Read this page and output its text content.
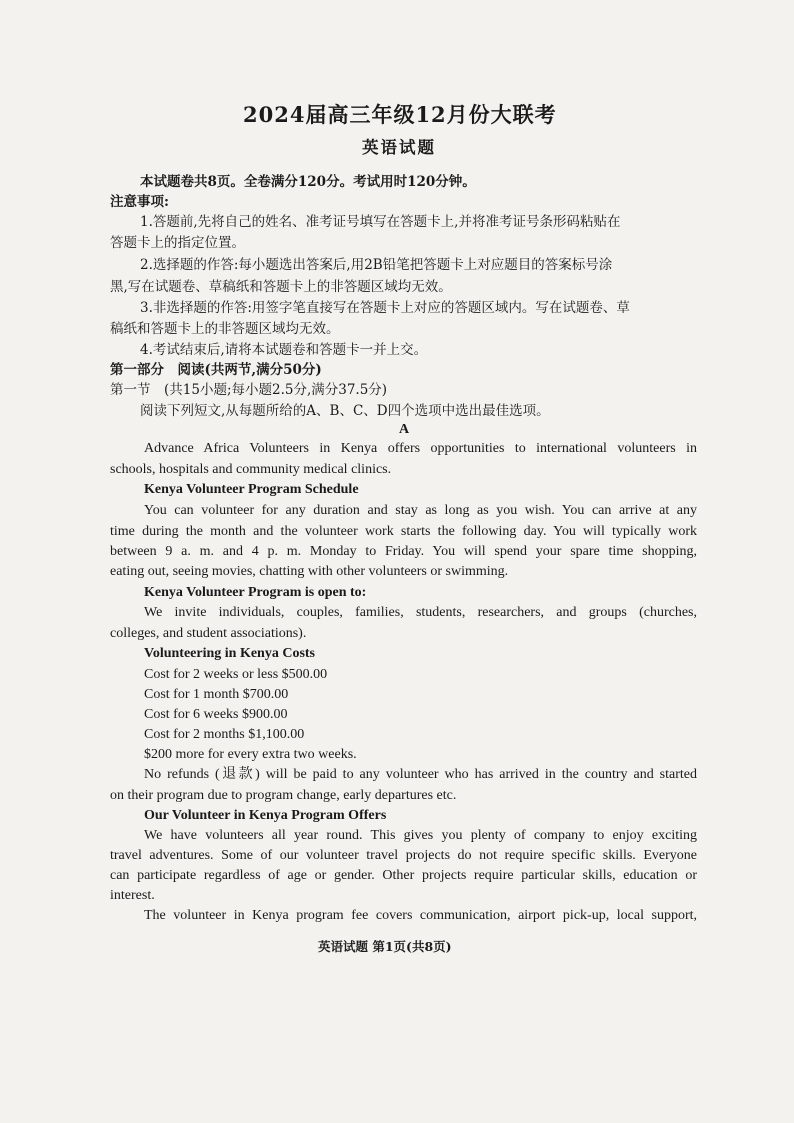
2024届高三年级12月份大联考
英语试题
本试题卷共8页。全卷满分120分。考试用时120分钟。
注意事项:
1.答题前,先将自己的姓名、准考证号填写在答题卡上,并将准考证号条形码粘贴在
答题卡上的指定位置。
2.选择题的作答:每小题选出答案后,用2B铅笔把答题卡上对应题目的答案标号涂
黑,写在试题卷、草稿纸和答题卡上的非答题区域均无效。
3.非选择题的作答:用签字笔直接写在答题卡上对应的答题区域内。写在试题卷、草
稿纸和答题卡上的非答题区域均无效。
4.考试结束后,请将本试题卷和答题卡一并上交。
第一部分　阅读(共两节,满分50分)
第一节　(共15小题;每小题2.5分,满分37.5分)
阅读下列短文,从每题所给的A、B、C、D四个选项中选出最佳选项。
A
Advance Africa Volunteers in Kenya offers opportunities to international volunteers in
schools, hospitals and community medical clinics.
Kenya Volunteer Program Schedule
You can volunteer for any duration and stay as long as you wish. You can arrive at any
time during the month and the volunteer work starts the following day. You will typically work
between 9 a. m. and 4 p. m. Monday to Friday. You will spend your spare time shopping,
eating out, seeing movies, chatting with other volunteers or swimming.
Kenya Volunteer Program is open to:
We invite individuals, couples, families, students, researchers, and groups (churches,
colleges, and student associations).
Volunteering in Kenya Costs
Cost for 2 weeks or less $500.00
Cost for 1 month $700.00
Cost for 6 weeks $900.00
Cost for 2 months $1,100.00
$200 more for every extra two weeks.
No refunds (退款) will be paid to any volunteer who has arrived in the country and started
on their program due to program change, early departures etc.
Our Volunteer in Kenya Program Offers
We have volunteers all year round. This gives you plenty of company to enjoy exciting
travel adventures. Some of our volunteer travel projects do not require specific skills. Everyone
can participate regardless of age or gender. Other projects require particular skills, education or
interest.
The volunteer in Kenya program fee covers communication, airport pick-up, local support,
英语试题 第1页(共8页)
